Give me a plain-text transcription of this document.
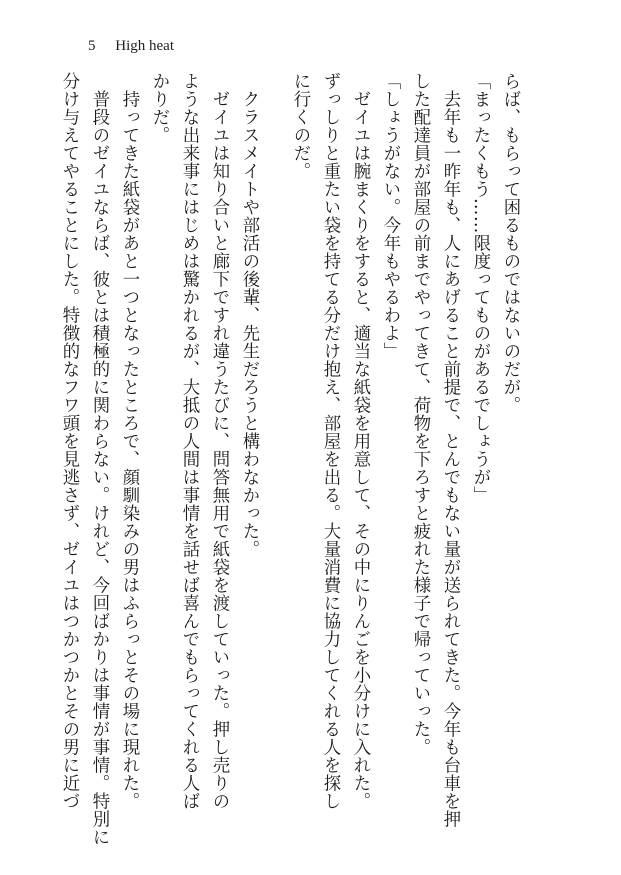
5 High heat
らば、もらって困るものではないのだが。
「まったくもう……限度ってものがあるでしょうが」
　去年も一昨年も、人にあげること前提で、とんでもない量が送られてきた。今年も台車を押
した配達員が部屋の前までやってきて、荷物を下ろすと疲れた様子で帰っていった。
「しょうがない。今年もやるわよ」
　ゼイユは腕まくりをすると、適当な紙袋を用意して、その中にりんごを小分けに入れた。
ずっしりと重たい袋を持てる分だけ抱え、部屋を出る。大量消費に協力してくれる人を探し
に行くのだ。
　クラスメイトや部活の後輩、先生だろうと構わなかった。
　ゼイユは知り合いと廊下ですれ違うたびに、問答無用で紙袋を渡していった。押し売りの
ような出来事にはじめは驚かれるが、大抵の人間は事情を話せば喜んでもらってくれる人ば
かりだ。
　持ってきた紙袋があと一つとなったところで、顔馴染みの男はふらっとその場に現れた。
　普段のゼイユならば、彼とは積極的に関わらない。けれど、今回ばかりは事情が事情。特別に
分け与えてやることにした。特徴的なフワ頭を見逃さず、ゼイユはつかつかとその男に近づ
